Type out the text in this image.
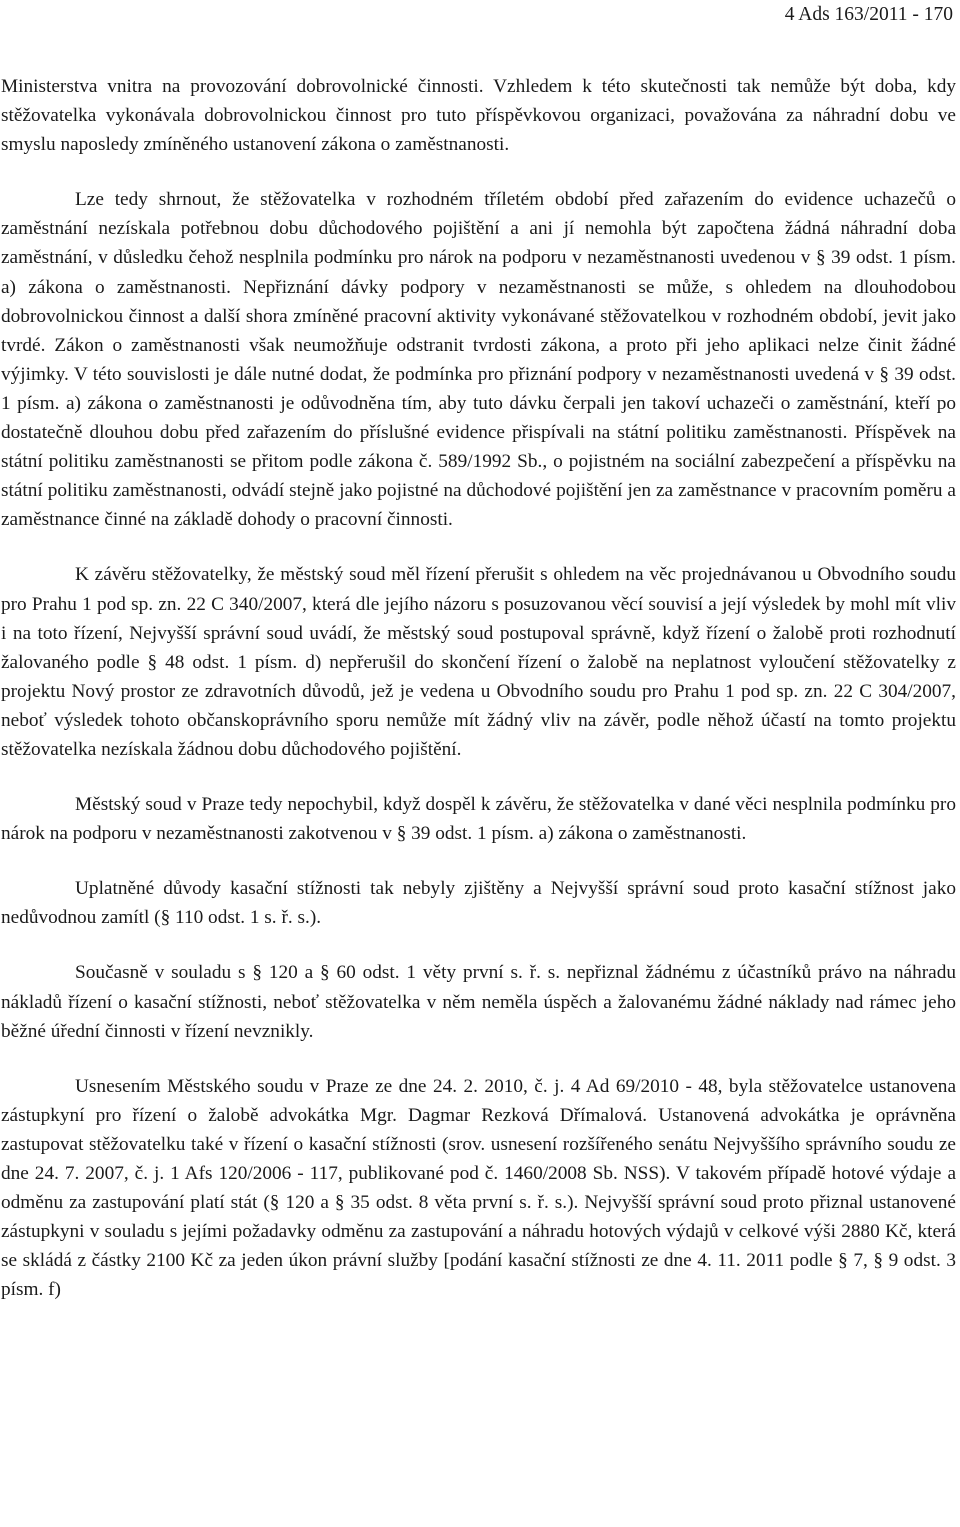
4 Ads 163/2011 - 170

Ministerstva vnitra na provozování dobrovolnické činnosti. Vzhledem k této skutečnosti tak nemůže být doba, kdy stěžovatelka vykonávala dobrovolnickou činnost pro tuto příspěvkovou organizaci, považována za náhradní dobu ve smyslu naposledy zmíněného ustanovení zákona o zaměstnanosti.

Lze tedy shrnout, že stěžovatelka v rozhodném tříletém období před zařazením do evidence uchazečů o zaměstnání nezískala potřebnou dobu důchodového pojištění a ani jí nemohla být započtena žádná náhradní doba zaměstnání, v důsledku čehož nesplnila podmínku pro nárok na podporu v nezaměstnanosti uvedenou v § 39 odst. 1 písm. a) zákona o zaměstnanosti. Nepřiznání dávky podpory v nezaměstnanosti se může, s ohledem na dlouhodobou dobrovolnickou činnost a další shora zmíněné pracovní aktivity vykonávané stěžovatelkou v rozhodném období, jevit jako tvrdé. Zákon o zaměstnanosti však neumožňuje odstranit tvrdosti zákona, a proto při jeho aplikaci nelze činit žádné výjimky. V této souvislosti je dále nutné dodat, že podmínka pro přiznání podpory v nezaměstnanosti uvedená v § 39 odst. 1 písm. a) zákona o zaměstnanosti je odůvodněna tím, aby tuto dávku čerpali jen takoví uchazeči o zaměstnání, kteří po dostatečně dlouhou dobu před zařazením do příslušné evidence přispívali na státní politiku zaměstnanosti. Příspěvek na státní politiku zaměstnanosti se přitom podle zákona č. 589/1992 Sb., o pojistném na sociální zabezpečení a příspěvku na státní politiku zaměstnanosti, odvádí stejně jako pojistné na důchodové pojištění jen za zaměstnance v pracovním poměru a zaměstnance činné na základě dohody o pracovní činnosti.

K závěru stěžovatelky, že městský soud měl řízení přerušit s ohledem na věc projednávanou u Obvodního soudu pro Prahu 1 pod sp. zn. 22 C 340/2007, která dle jejího názoru s posuzovanou věcí souvisí a její výsledek by mohl mít vliv i na toto řízení, Nejvyšší správní soud uvádí, že městský soud postupoval správně, když řízení o žalobě proti rozhodnutí žalovaného podle § 48 odst. 1 písm. d) nepřerušil do skončení řízení o žalobě na neplatnost vyloučení stěžovatelky z projektu Nový prostor ze zdravotních důvodů, jež je vedena u Obvodního soudu pro Prahu 1 pod sp. zn. 22 C 304/2007, neboť výsledek tohoto občanskoprávního sporu nemůže mít žádný vliv na závěr, podle něhož účastí na tomto projektu stěžovatelka nezískala žádnou dobu důchodového pojištění.

Městský soud v Praze tedy nepochybil, když dospěl k závěru, že stěžovatelka v dané věci nesplnila podmínku pro nárok na podporu v nezaměstnanosti zakotvenou v § 39 odst. 1 písm. a) zákona o zaměstnanosti.

Uplatněné důvody kasační stížnosti tak nebyly zjištěny a Nejvyšší správní soud proto kasační stížnost jako nedůvodnou zamítl (§ 110 odst. 1 s. ř. s.).

Současně v souladu s § 120 a § 60 odst. 1 věty první s. ř. s. nepřiznal žádnému z účastníků právo na náhradu nákladů řízení o kasační stížnosti, neboť stěžovatelka v něm neměla úspěch a žalovanému žádné náklady nad rámec jeho běžné úřední činnosti v řízení nevznikly.

Usnesením Městského soudu v Praze ze dne 24. 2. 2010, č. j. 4 Ad 69/2010 - 48, byla stěžovatelce ustanovena zástupkyní pro řízení o žalobě advokátka Mgr. Dagmar Rezková Dřímalová. Ustanovená advokátka je oprávněna zastupovat stěžovatelku také v řízení o kasační stížnosti (srov. usnesení rozšířeného senátu Nejvyššího správního soudu ze dne 24. 7. 2007, č. j. 1 Afs 120/2006 - 117, publikované pod č. 1460/2008 Sb. NSS). V takovém případě hotové výdaje a odměnu za zastupování platí stát (§ 120 a § 35 odst. 8 věta první s. ř. s.). Nejvyšší správní soud proto přiznal ustanovené zástupkyni v souladu s jejími požadavky odměnu za zastupování a náhradu hotových výdajů v celkové výši 2880 Kč, která se skládá z částky 2100 Kč za jeden úkon právní služby [podání kasační stížnosti ze dne 4. 11. 2011 podle § 7, § 9 odst. 3 písm. f)
